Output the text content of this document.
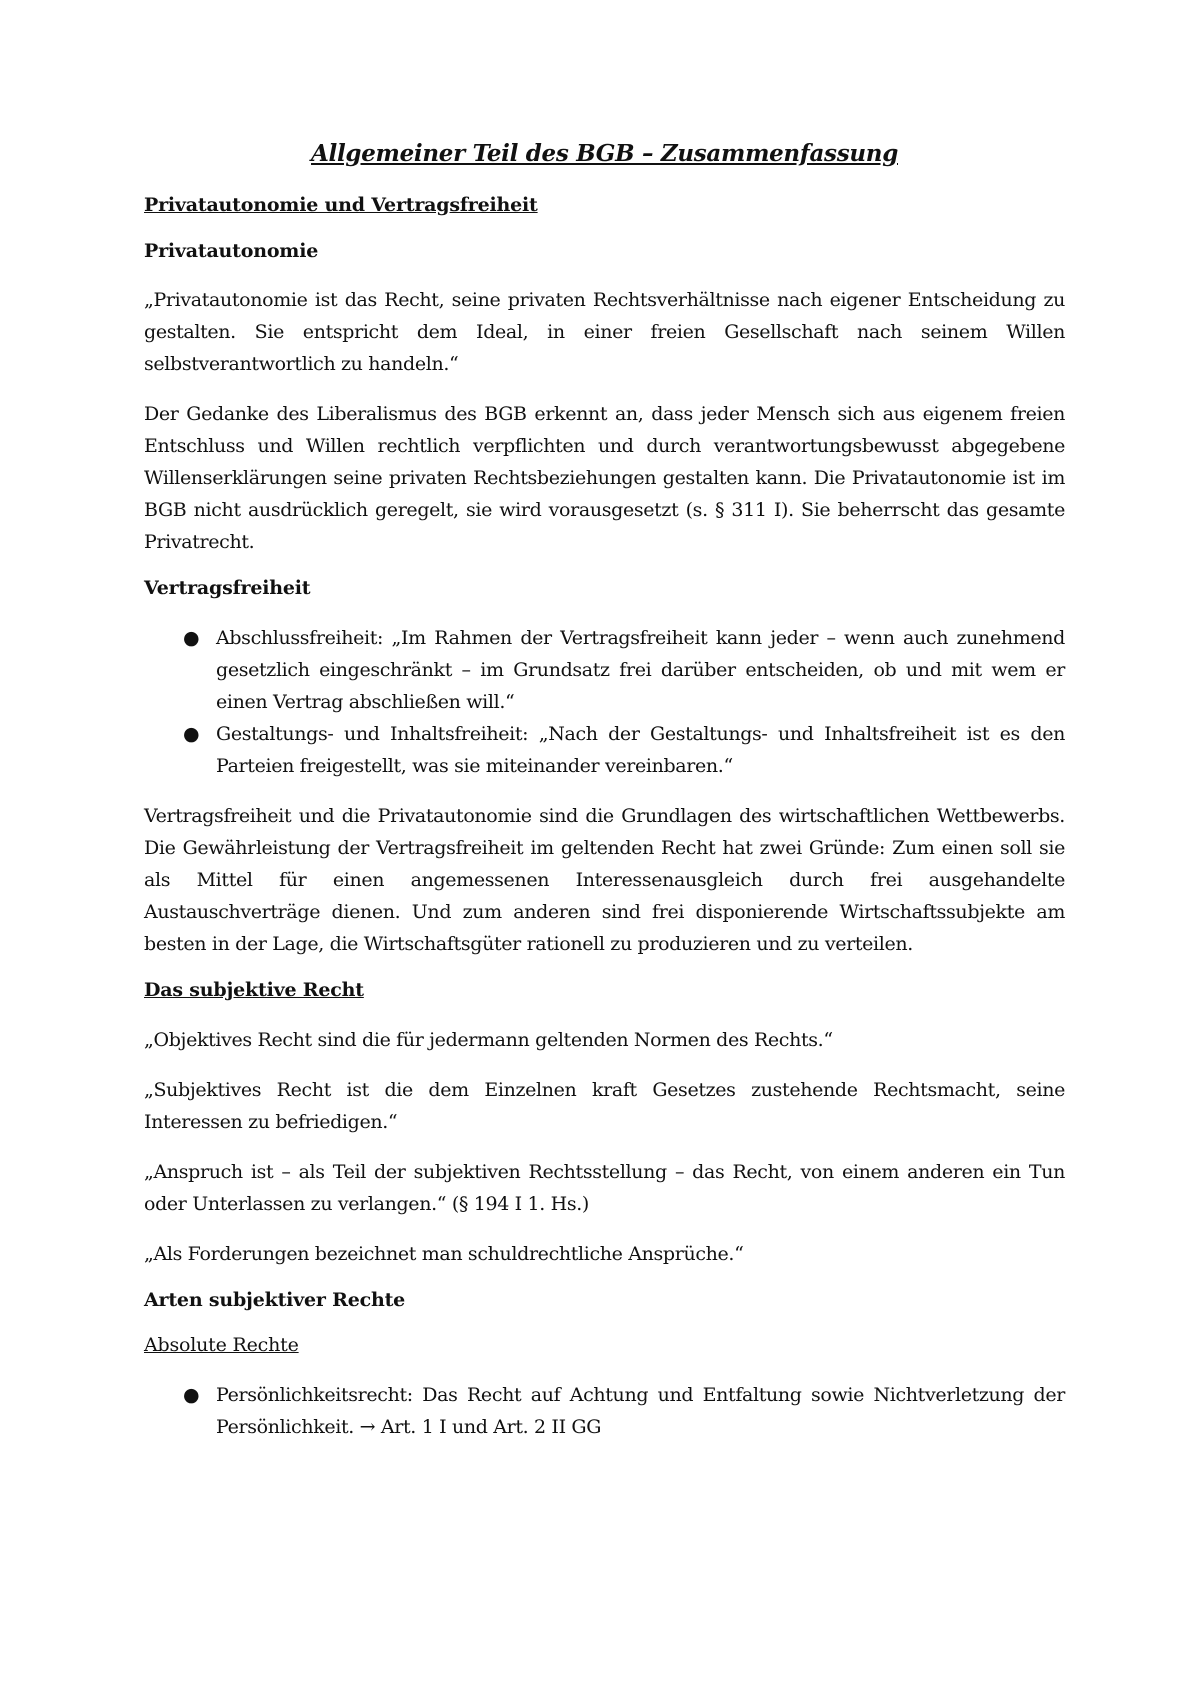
Allgemeiner Teil des BGB – Zusammenfassung
Privatautonomie und Vertragsfreiheit
Privatautonomie

„Privatautonomie ist das Recht, seine privaten Rechtsverhältnisse nach eigener Entscheidung zu gestalten. Sie entspricht dem Ideal, in einer freien Gesellschaft nach seinem Willen selbstverantwortlich zu handeln.“

Der Gedanke des Liberalismus des BGB erkennt an, dass jeder Mensch sich aus eigenem freien Entschluss und Willen rechtlich verpflichten und durch verantwortungsbewusst abgegebene Willenserklärungen seine privaten Rechtsbeziehungen gestalten kann. Die Privatautonomie ist im BGB nicht ausdrücklich geregelt, sie wird vorausgesetzt (s. § 311 I). Sie beherrscht das gesamte Privatrecht.

Vertragsfreiheit
● Abschlussfreiheit: „Im Rahmen der Vertragsfreiheit kann jeder – wenn auch zunehmend gesetzlich eingeschränkt – im Grundsatz frei darüber entscheiden, ob und mit wem er einen Vertrag abschließen will.“
● Gestaltungs- und Inhaltsfreiheit: „Nach der Gestaltungs- und Inhaltsfreiheit ist es den Parteien freigestellt, was sie miteinander vereinbaren.“

Vertragsfreiheit und die Privatautonomie sind die Grundlagen des wirtschaftlichen Wettbewerbs. Die Gewährleistung der Vertragsfreiheit im geltenden Recht hat zwei Gründe: Zum einen soll sie als Mittel für einen angemessenen Interessenausgleich durch frei ausgehandelte Austauschverträge dienen. Und zum anderen sind frei disponierende Wirtschaftssubjekte am besten in der Lage, die Wirtschaftsgüter rationell zu produzieren und zu verteilen.

Das subjektive Recht

„Objektives Recht sind die für jedermann geltenden Normen des Rechts.“

„Subjektives Recht ist die dem Einzelnen kraft Gesetzes zustehende Rechtsmacht, seine Interessen zu befriedigen.“

„Anspruch ist – als Teil der subjektiven Rechtsstellung – das Recht, von einem anderen ein Tun oder Unterlassen zu verlangen.“ (§ 194 I 1. Hs.)

„Als Forderungen bezeichnet man schuldrechtliche Ansprüche.“

Arten subjektiver Rechte
Absolute Rechte
● Persönlichkeitsrecht: Das Recht auf Achtung und Entfaltung sowie Nichtverletzung der Persönlichkeit. → Art. 1 I und Art. 2 II GG
